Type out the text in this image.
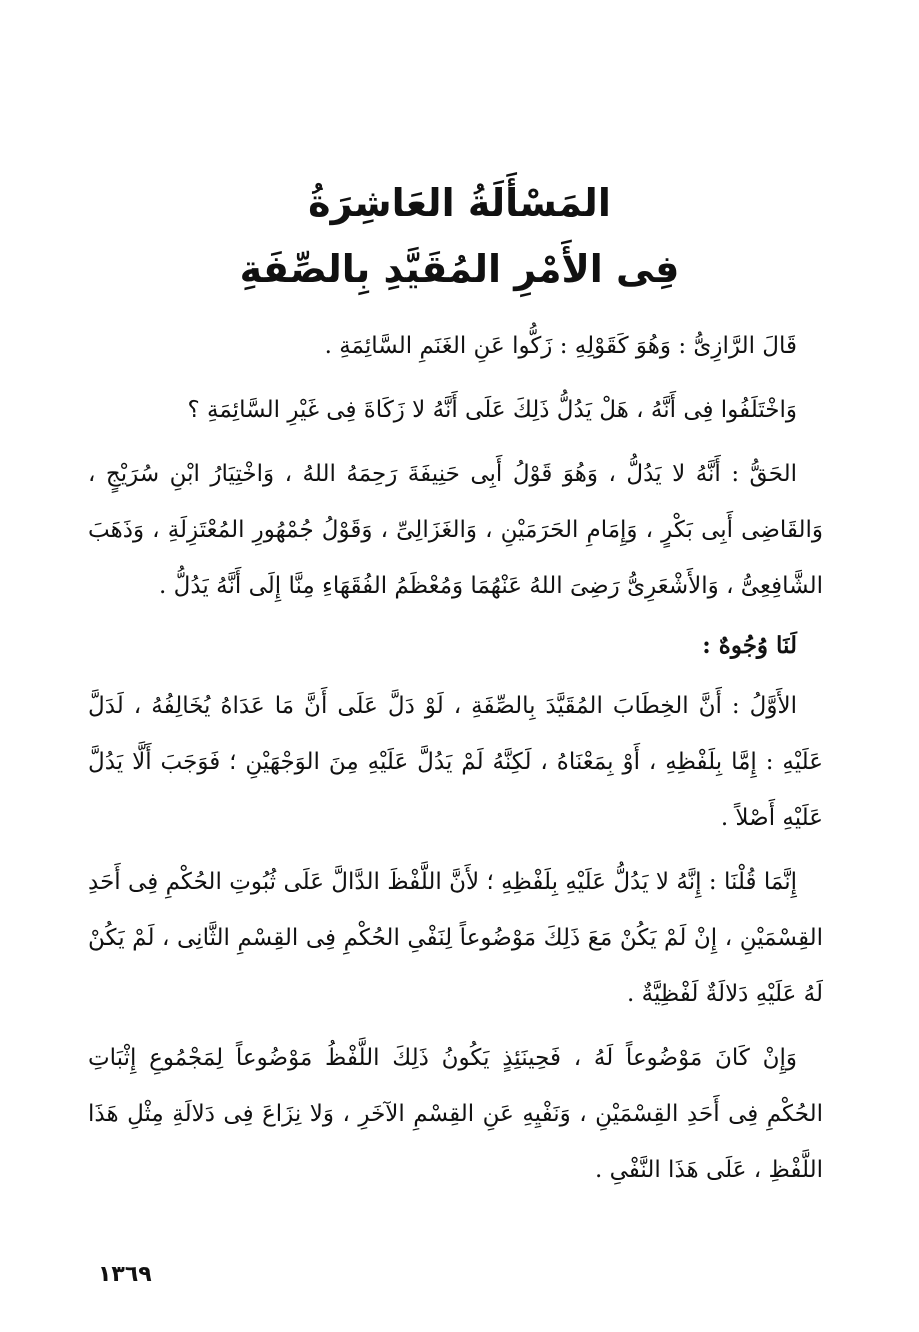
المَسْأَلَةُ العَاشِرَةُ
فِى الأَمْرِ المُقَيَّدِ بِالصِّفَةِ

قَالَ الرَّازِىُّ : وَهُوَ كَقَوْلِهِ : زَكُّوا عَنِ الغَنَمِ السَّائِمَةِ .

وَاخْتَلَفُوا فِى أَنَّهُ ، هَلْ يَدُلُّ ذَلِكَ عَلَى أَنَّهُ لا زَكَاةَ فِى غَيْرِ السَّائِمَةِ ؟

الحَقُّ : أَنَّهُ لا يَدُلُّ ، وَهُوَ قَوْلُ أَبِى حَنِيفَةَ رَحِمَهُ اللهُ ، وَاخْتِيَارُ ابْنِ سُرَيْجٍ ، وَالقَاضِى أَبِى بَكْرٍ ، وَإِمَامِ الحَرَمَيْنِ ، وَالغَزَالِىِّ ، وَقَوْلُ جُمْهُورِ المُعْتَزِلَةِ ، وَذَهَبَ الشَّافِعِىُّ ، وَالأَشْعَرِىُّ رَضِىَ اللهُ عَنْهُمَا وَمُعْظَمُ الفُقَهَاءِ مِنَّا إِلَى أَنَّهُ يَدُلُّ .

لَنَا وُجُوهٌ :

الأَوَّلُ : أَنَّ الخِطَابَ المُقَيَّدَ بِالصِّفَةِ ، لَوْ دَلَّ عَلَى أَنَّ مَا عَدَاهُ يُخَالِفُهُ ، لَدَلَّ عَلَيْهِ : إِمَّا بِلَفْظِهِ ، أَوْ بِمَعْنَاهُ ، لَكِنَّهُ لَمْ يَدُلَّ عَلَيْهِ مِنَ الوَجْهَيْنِ ؛ فَوَجَبَ أَلَّا يَدُلَّ عَلَيْهِ أَصْلاً .

إِنَّمَا قُلْنَا : إِنَّهُ لا يَدُلُّ عَلَيْهِ بِلَفْظِهِ ؛ لأَنَّ اللَّفْظَ الدَّالَّ عَلَى ثُبُوتِ الحُكْمِ فِى أَحَدِ القِسْمَيْنِ ، إِنْ لَمْ يَكُنْ مَعَ ذَلِكَ مَوْضُوعاً لِنَفْىِ الحُكْمِ فِى القِسْمِ الثَّانِى ، لَمْ يَكُنْ لَهُ عَلَيْهِ دَلالَةٌ لَفْظِيَّةٌ .

وَإِنْ كَانَ مَوْضُوعاً لَهُ ، فَحِينَئِذٍ يَكُونُ ذَلِكَ اللَّفْظُ مَوْضُوعاً لِمَجْمُوعِ إِثْبَاتِ الحُكْمِ فِى أَحَدِ القِسْمَيْنِ ، وَنَفْيِهِ عَنِ القِسْمِ الآخَرِ ، وَلا نِزَاعَ فِى دَلالَةِ مِثْلِ هَذَا اللَّفْظِ ، عَلَى هَذَا النَّفْىِ .

١٣٦٩
